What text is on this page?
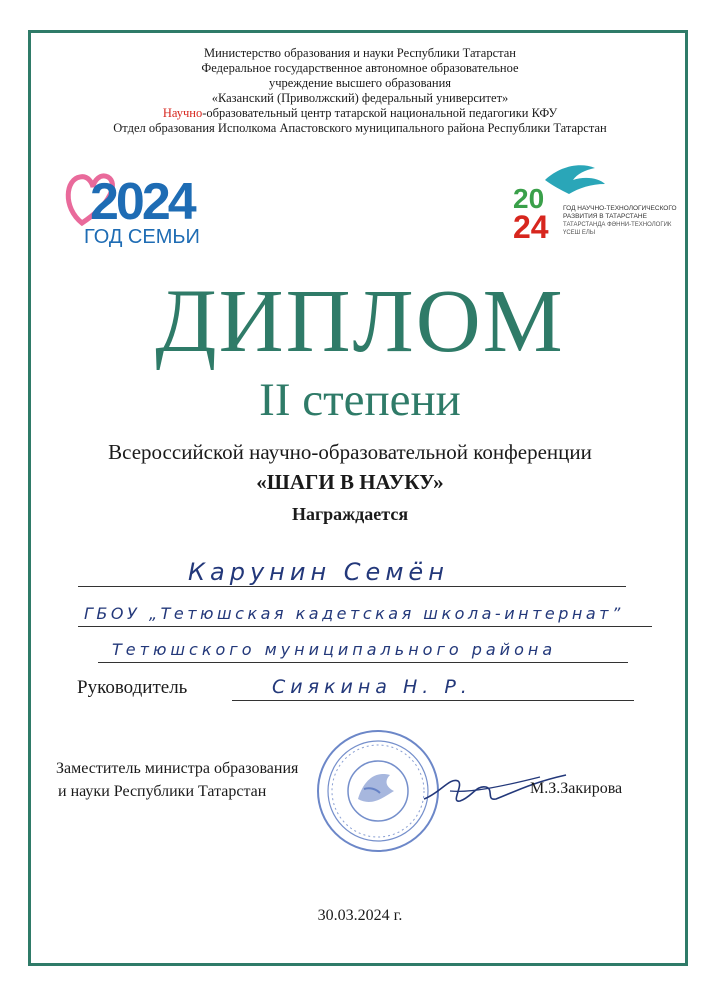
Министерство образования и науки Республики Татарстан
Федеральное государственное автономное образовательное
учреждение высшего образования
«Казанский (Приволжский) федеральный университет»
Научно-образовательный центр татарской национальной педагогики КФУ
Отдел образования Исполкома Апастовского муниципального района Республики Татарстан
2024
ГОД СЕМЬИ
20
24
ГОД НАУЧНО-ТЕХНОЛОГИЧЕСКОГО
РАЗВИТИЯ В ТАТАРСТАНЕ
ТАТАРСТАНДА ФӘННИ-ТЕХНОЛОГИК
ҮСЕШ ЕЛЫ
ДИПЛОМ
II степени
Всероссийской научно-образовательной конференции
«ШАГИ В НАУКУ»
Награждается
Карунин Семён
ГБОУ „Тетюшская кадетская школа-интернат”
Тетюшского муниципального района
Руководитель	Сиякина Н. Р.
Заместитель министра образования
и науки Республики Татарстан	М.З.Закирова
30.03.2024 г.
